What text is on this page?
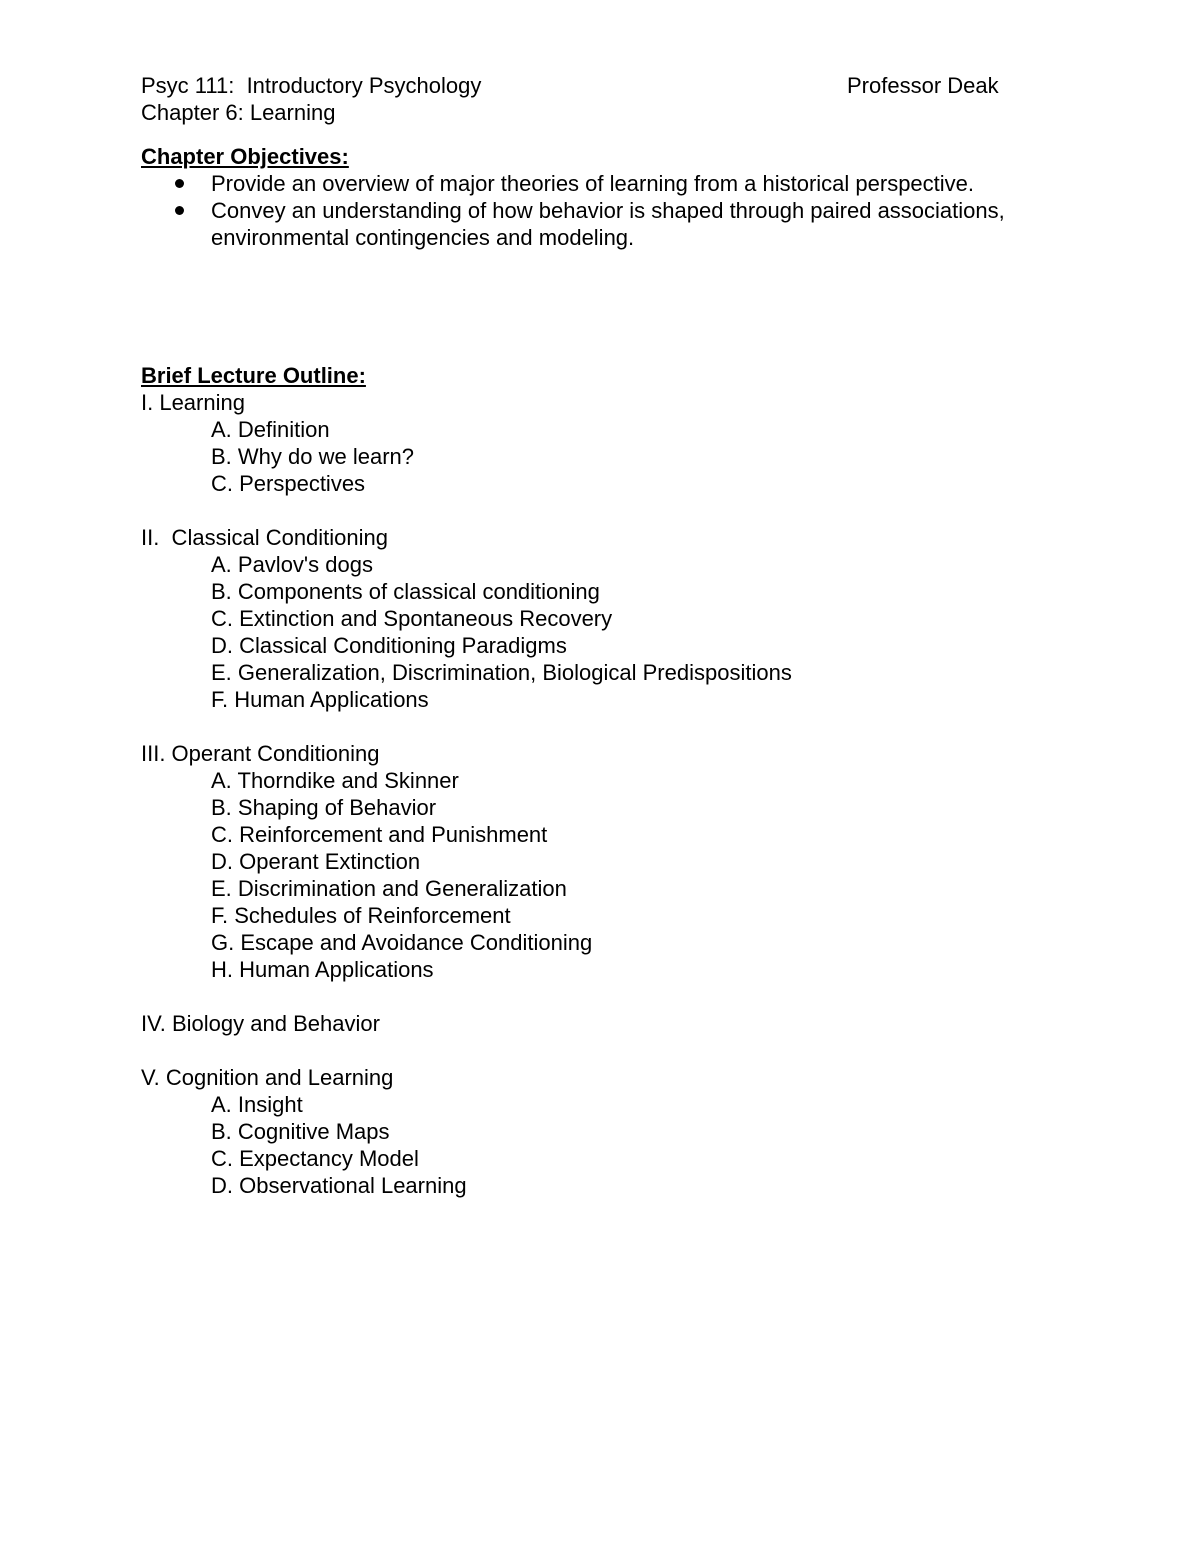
Psyc 111:  Introductory Psychology	Professor Deak
Chapter 6: Learning
Chapter Objectives:
Provide an overview of major theories of learning from a historical perspective.
Convey an understanding of how behavior is shaped through paired associations, environmental contingencies and modeling.
Brief Lecture Outline:
I. Learning
A. Definition
B. Why do we learn?
C. Perspectives
II.  Classical Conditioning
A. Pavlov's dogs
B. Components of classical conditioning
C. Extinction and Spontaneous Recovery
D. Classical Conditioning Paradigms
E. Generalization, Discrimination, Biological Predispositions
F. Human Applications
III. Operant Conditioning
A. Thorndike and Skinner
B. Shaping of Behavior
C. Reinforcement and Punishment
D. Operant Extinction
E. Discrimination and Generalization
F. Schedules of Reinforcement
G. Escape and Avoidance Conditioning
H. Human Applications
IV. Biology and Behavior
V. Cognition and Learning
A. Insight
B. Cognitive Maps
C. Expectancy Model
D. Observational Learning
